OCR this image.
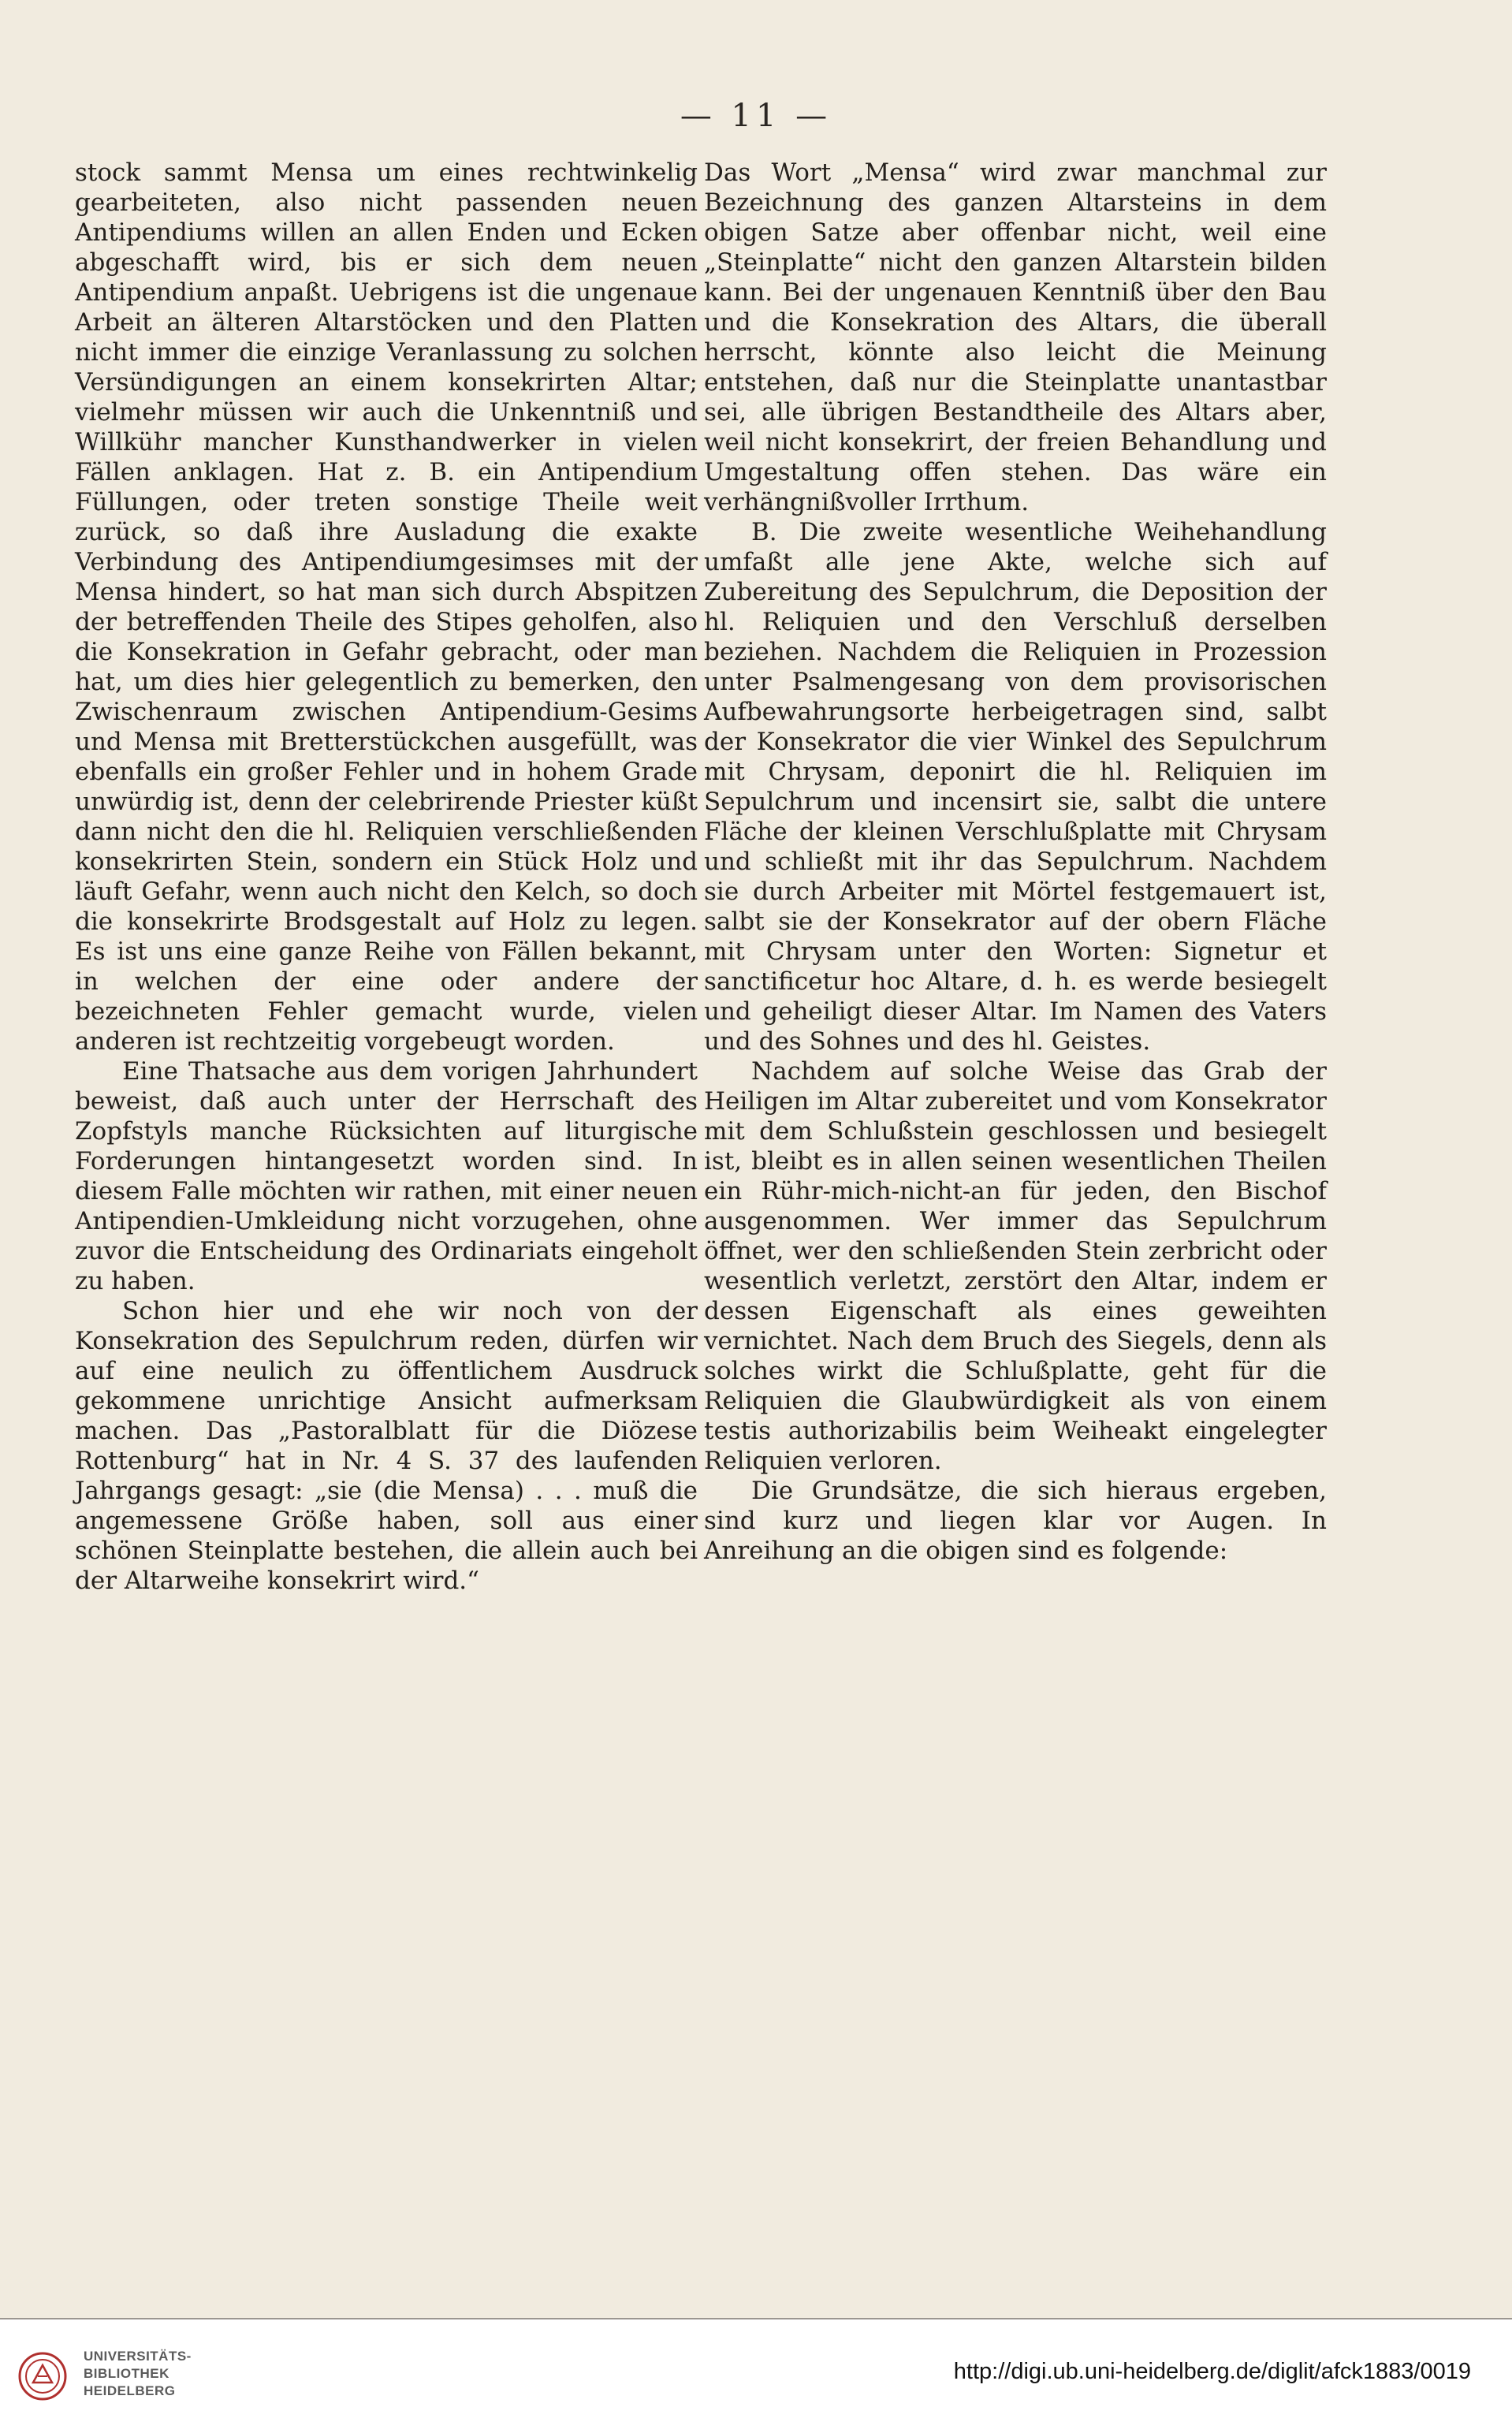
— 11 —

stock sammt Mensa um eines rechtwinkelig gearbeiteten, also nicht passenden neuen Antipendiums willen an allen Enden und Ecken abgeschafft wird, bis er sich dem neuen Antipendium anpaßt. Uebrigens ist die ungenaue Arbeit an älteren Altarstöcken und den Platten nicht immer die einzige Veranlassung zu solchen Versündigungen an einem konsekrirten Altar; vielmehr müssen wir auch die Unkenntniß und Willkühr mancher Kunsthandwerker in vielen Fällen anklagen. Hat z. B. ein Antipendium Füllungen, oder treten sonstige Theile weit zurück, so daß ihre Ausladung die exakte Verbindung des Antipendiumgesimses mit der Mensa hindert, so hat man sich durch Abspitzen der betreffenden Theile des Stipes geholfen, also die Konsekration in Gefahr gebracht, oder man hat, um dies hier gelegentlich zu bemerken, den Zwischenraum zwischen Antipendium-Gesims und Mensa mit Bretterstückchen ausgefüllt, was ebenfalls ein großer Fehler und in hohem Grade unwürdig ist, denn der celebrirende Priester küßt dann nicht den die hl. Reliquien verschließenden konsekrirten Stein, sondern ein Stück Holz und läuft Gefahr, wenn auch nicht den Kelch, so doch die konsekrirte Brodsgestalt auf Holz zu legen. Es ist uns eine ganze Reihe von Fällen bekannt, in welchen der eine oder andere der bezeichneten Fehler gemacht wurde, vielen anderen ist rechtzeitig vorgebeugt worden.

Eine Thatsache aus dem vorigen Jahrhundert beweist, daß auch unter der Herrschaft des Zopfstyls manche Rücksichten auf liturgische Forderungen hintangesetzt worden sind. In diesem Falle möchten wir rathen, mit einer neuen Antipendien-Umkleidung nicht vorzugehen, ohne zuvor die Entscheidung des Ordinariats eingeholt zu haben.

Schon hier und ehe wir noch von der Konsekration des Sepulchrum reden, dürfen wir auf eine neulich zu öffentlichem Ausdruck gekommene unrichtige Ansicht aufmerksam machen. Das „Pastoralblatt für die Diözese Rottenburg“ hat in Nr. 4 S. 37 des laufenden Jahrgangs gesagt: „sie (die Mensa) . . . muß die angemessene Größe haben, soll aus einer schönen Steinplatte bestehen, die allein auch bei der Altarweihe konsekrirt wird.“

Das Wort „Mensa“ wird zwar manchmal zur Bezeichnung des ganzen Altarsteins in dem obigen Satze aber offenbar nicht, weil eine „Steinplatte“ nicht den ganzen Altarstein bilden kann. Bei der ungenauen Kenntniß über den Bau und die Konsekration des Altars, die überall herrscht, könnte also leicht die Meinung entstehen, daß nur die Steinplatte unantastbar sei, alle übrigen Bestandtheile des Altars aber, weil nicht konsekrirt, der freien Behandlung und Umgestaltung offen stehen. Das wäre ein verhängnißvoller Irrthum.

B. Die zweite wesentliche Weihehandlung umfaßt alle jene Akte, welche sich auf Zubereitung des Sepulchrum, die Deposition der hl. Reliquien und den Verschluß derselben beziehen. Nachdem die Reliquien in Prozession unter Psalmengesang von dem provisorischen Aufbewahrungsorte herbeigetragen sind, salbt der Konsekrator die vier Winkel des Sepulchrum mit Chrysam, deponirt die hl. Reliquien im Sepulchrum und incensirt sie, salbt die untere Fläche der kleinen Verschlußplatte mit Chrysam und schließt mit ihr das Sepulchrum. Nachdem sie durch Arbeiter mit Mörtel festgemauert ist, salbt sie der Konsekrator auf der obern Fläche mit Chrysam unter den Worten: Signetur et sanctificetur hoc Altare, d. h. es werde besiegelt und geheiligt dieser Altar. Im Namen des Vaters und des Sohnes und des hl. Geistes.

Nachdem auf solche Weise das Grab der Heiligen im Altar zubereitet und vom Konsekrator mit dem Schlußstein geschlossen und besiegelt ist, bleibt es in allen seinen wesentlichen Theilen ein Rühr-mich-nicht-an für jeden, den Bischof ausgenommen. Wer immer das Sepulchrum öffnet, wer den schließenden Stein zerbricht oder wesentlich verletzt, zerstört den Altar, indem er dessen Eigenschaft als eines geweihten vernichtet. Nach dem Bruch des Siegels, denn als solches wirkt die Schlußplatte, geht für die Reliquien die Glaubwürdigkeit als von einem testis authorizabilis beim Weiheakt eingelegter Reliquien verloren.

Die Grundsätze, die sich hieraus ergeben, sind kurz und liegen klar vor Augen. In Anreihung an die obigen sind es folgende:

UNIVERSITÄTS-
BIBLIOTHEK
HEIDELBERG
http://digi.ub.uni-heidelberg.de/diglit/afck1883/0019
